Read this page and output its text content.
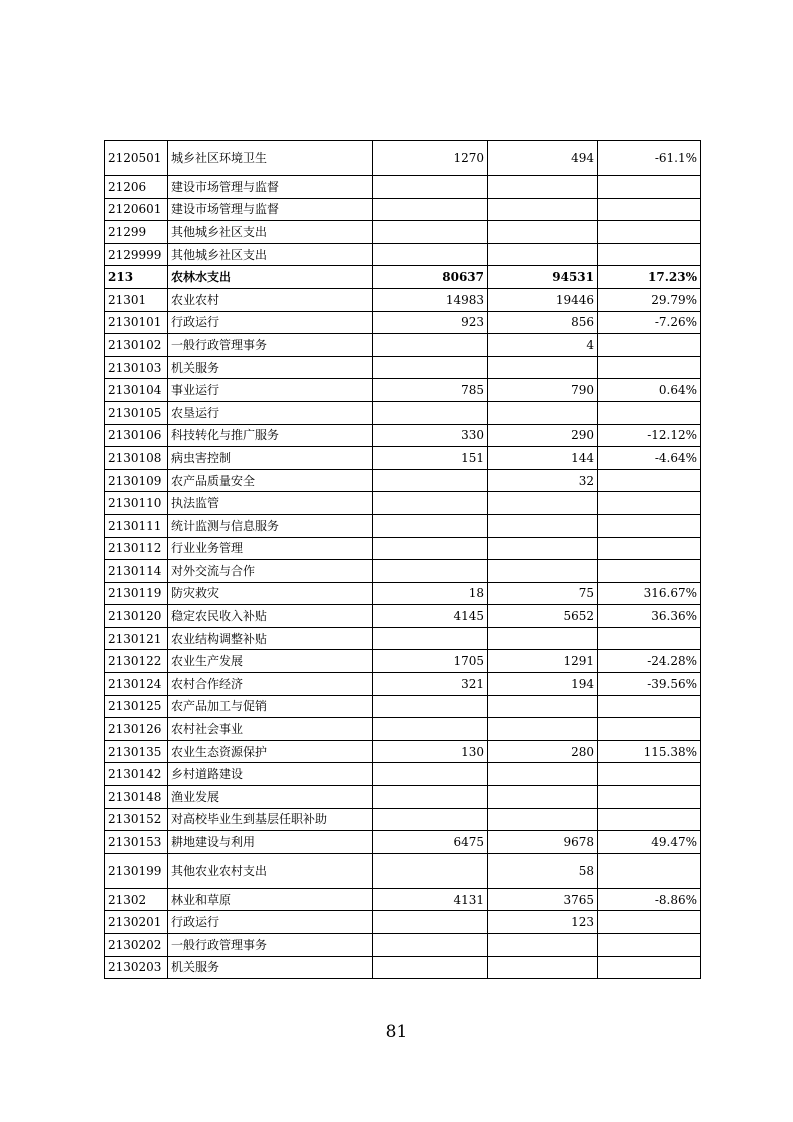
2120501	城乡社区环境卫生	1270	494	-61.1%
21206	建设市场管理与监督			
2120601	建设市场管理与监督			
21299	其他城乡社区支出			
2129999	其他城乡社区支出			
213	农林水支出	80637	94531	17.23%
21301	农业农村	14983	19446	29.79%
2130101	行政运行	923	856	-7.26%
2130102	一般行政管理事务		4	
2130103	机关服务			
2130104	事业运行	785	790	0.64%
2130105	农垦运行			
2130106	科技转化与推广服务	330	290	-12.12%
2130108	病虫害控制	151	144	-4.64%
2130109	农产品质量安全		32	
2130110	执法监管			
2130111	统计监测与信息服务			
2130112	行业业务管理			
2130114	对外交流与合作			
2130119	防灾救灾	18	75	316.67%
2130120	稳定农民收入补贴	4145	5652	36.36%
2130121	农业结构调整补贴			
2130122	农业生产发展	1705	1291	-24.28%
2130124	农村合作经济	321	194	-39.56%
2130125	农产品加工与促销			
2130126	农村社会事业			
2130135	农业生态资源保护	130	280	115.38%
2130142	乡村道路建设			
2130148	渔业发展			
2130152	对高校毕业生到基层任职补助			
2130153	耕地建设与利用	6475	9678	49.47%
2130199	其他农业农村支出		58	
21302	林业和草原	4131	3765	-8.86%
2130201	行政运行		123	
2130202	一般行政管理事务			
2130203	机关服务			
81
